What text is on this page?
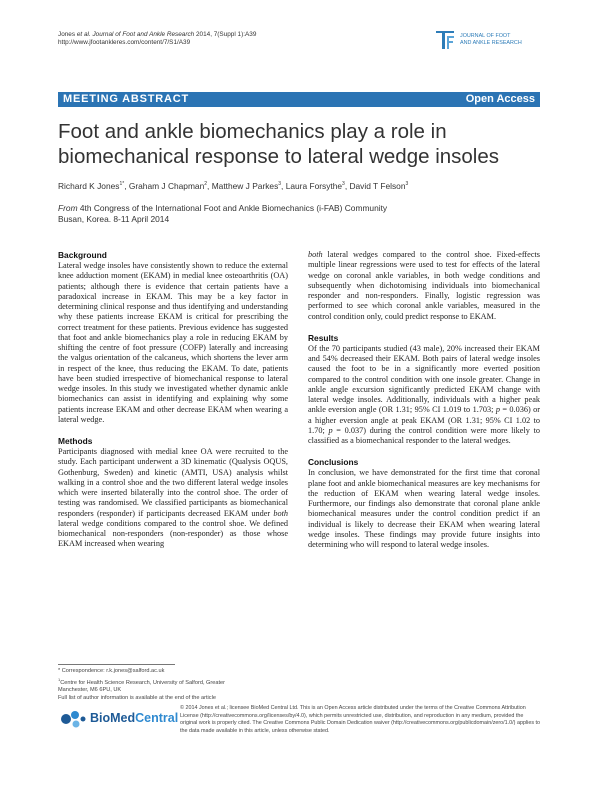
Jones et al. Journal of Foot and Ankle Research 2014, 7(Suppl 1):A39
http://www.jfootankleres.com/content/7/S1/A39
JOURNAL OF FOOT
AND ANKLE RESEARCH
MEETING ABSTRACT	Open Access
Foot and ankle biomechanics play a role in
biomechanical response to lateral wedge insoles
Richard K Jones$^{1*}$, Graham J Chapman$^2$, Matthew J Parkes$^3$, Laura Forsythe$^3$, David T Felson$^3$
From 4th Congress of the International Foot and Ankle Biomechanics (i-FAB) Community
Busan, Korea. 8-11 April 2014
Background

Lateral wedge insoles have consistently shown to reduce the external knee adduction moment (EKAM) in medial knee osteoarthritis (OA) patients; although there is evidence that certain patients have a paradoxical increase in EKAM. This may be a key factor in determining clinical response and thus identifying and understanding why these patients increase EKAM is critical for prescribing the correct treatment for these patients. Previous evidence has suggested that foot and ankle biomechanics play a role in reducing EKAM by shifting the centre of foot pressure (COFP) laterally and increasing the valgus orientation of the calcaneus, which shortens the lever arm in respect of the knee, thus reducing the EKAM. To date, patients have been studied irrespective of biomechanical response to lateral wedge insoles. In this study we investigated whether dynamic ankle biomechanics can assist in identifying and explaining why some patients increase EKAM and other decrease EKAM when wearing a lateral wedge.

Methods

Participants diagnosed with medial knee OA were recruited to the study. Each participant underwent a 3D kinematic (Qualysis OQUS, Gothenburg, Sweden) and kinetic (AMTI, USA) analysis whilst walking in a control shoe and the two different lateral wedge insoles which were inserted bilaterally into the control shoe. The order of testing was randomised. We classified participants as biomechanical responders (responder) if participants decreased EKAM under both lateral wedge conditions compared to the control shoe. We defined biomechanical non-responders (non-responder) as those whose EKAM increased when wearing

both lateral wedges compared to the control shoe. Fixed-effects multiple linear regressions were used to test for effects of the lateral wedge on coronal ankle variables, in both wedge conditions and subsequently when dichotomising individuals into biomechanical responder and non-responders. Finally, logistic regression was performed to see which coronal ankle variables, measured in the control condition only, could predict response to EKAM.

Results

Of the 70 participants studied (43 male), 20% increased their EKAM and 54% decreased their EKAM. Both pairs of lateral wedge insoles caused the foot to be in a significantly more everted position compared to the control condition with one insole greater. Change in ankle angle excursion significantly predicted EKAM change with lateral wedge insoles. Additionally, individuals with a higher peak ankle eversion angle (OR 1.31; 95% CI 1.019 to 1.703; p = 0.036) or a higher eversion angle at peak EKAM (OR 1.31; 95% CI 1.02 to 1.70; p = 0.037) during the control condition were more likely to classified as a biomechanical responder to the lateral wedges.

Conclusions

In conclusion, we have demonstrated for the first time that coronal plane foot and ankle biomechanical measures are key mechanisms for the reduction of EKAM when wearing lateral wedge insoles. Furthermore, our findings also demonstrate that coronal plane ankle biomechanical measures under the control condition predict if an individual is likely to decrease their EKAM when wearing lateral wedge insoles. These findings may provide future insights into determining who will respond to lateral wedge insoles.

* Correspondence: r.k.jones@salford.ac.uk
$^1$Centre for Health Science Research, University of Salford, Greater
Manchester, M6 6PU, UK
Full list of author information is available at the end of the article
BioMedCentral
© 2014 Jones et al.; licensee BioMed Central Ltd. This is an Open Access article distributed under the terms of the Creative Commons Attribution License (http://creativecommons.org/licenses/by/4.0), which permits unrestricted use, distribution, and reproduction in any medium, provided the original work is properly cited. The Creative Commons Public Domain Dedication waiver (http://creativecommons.org/publicdomain/zero/1.0/) applies to the data made available in this article, unless otherwise stated.
